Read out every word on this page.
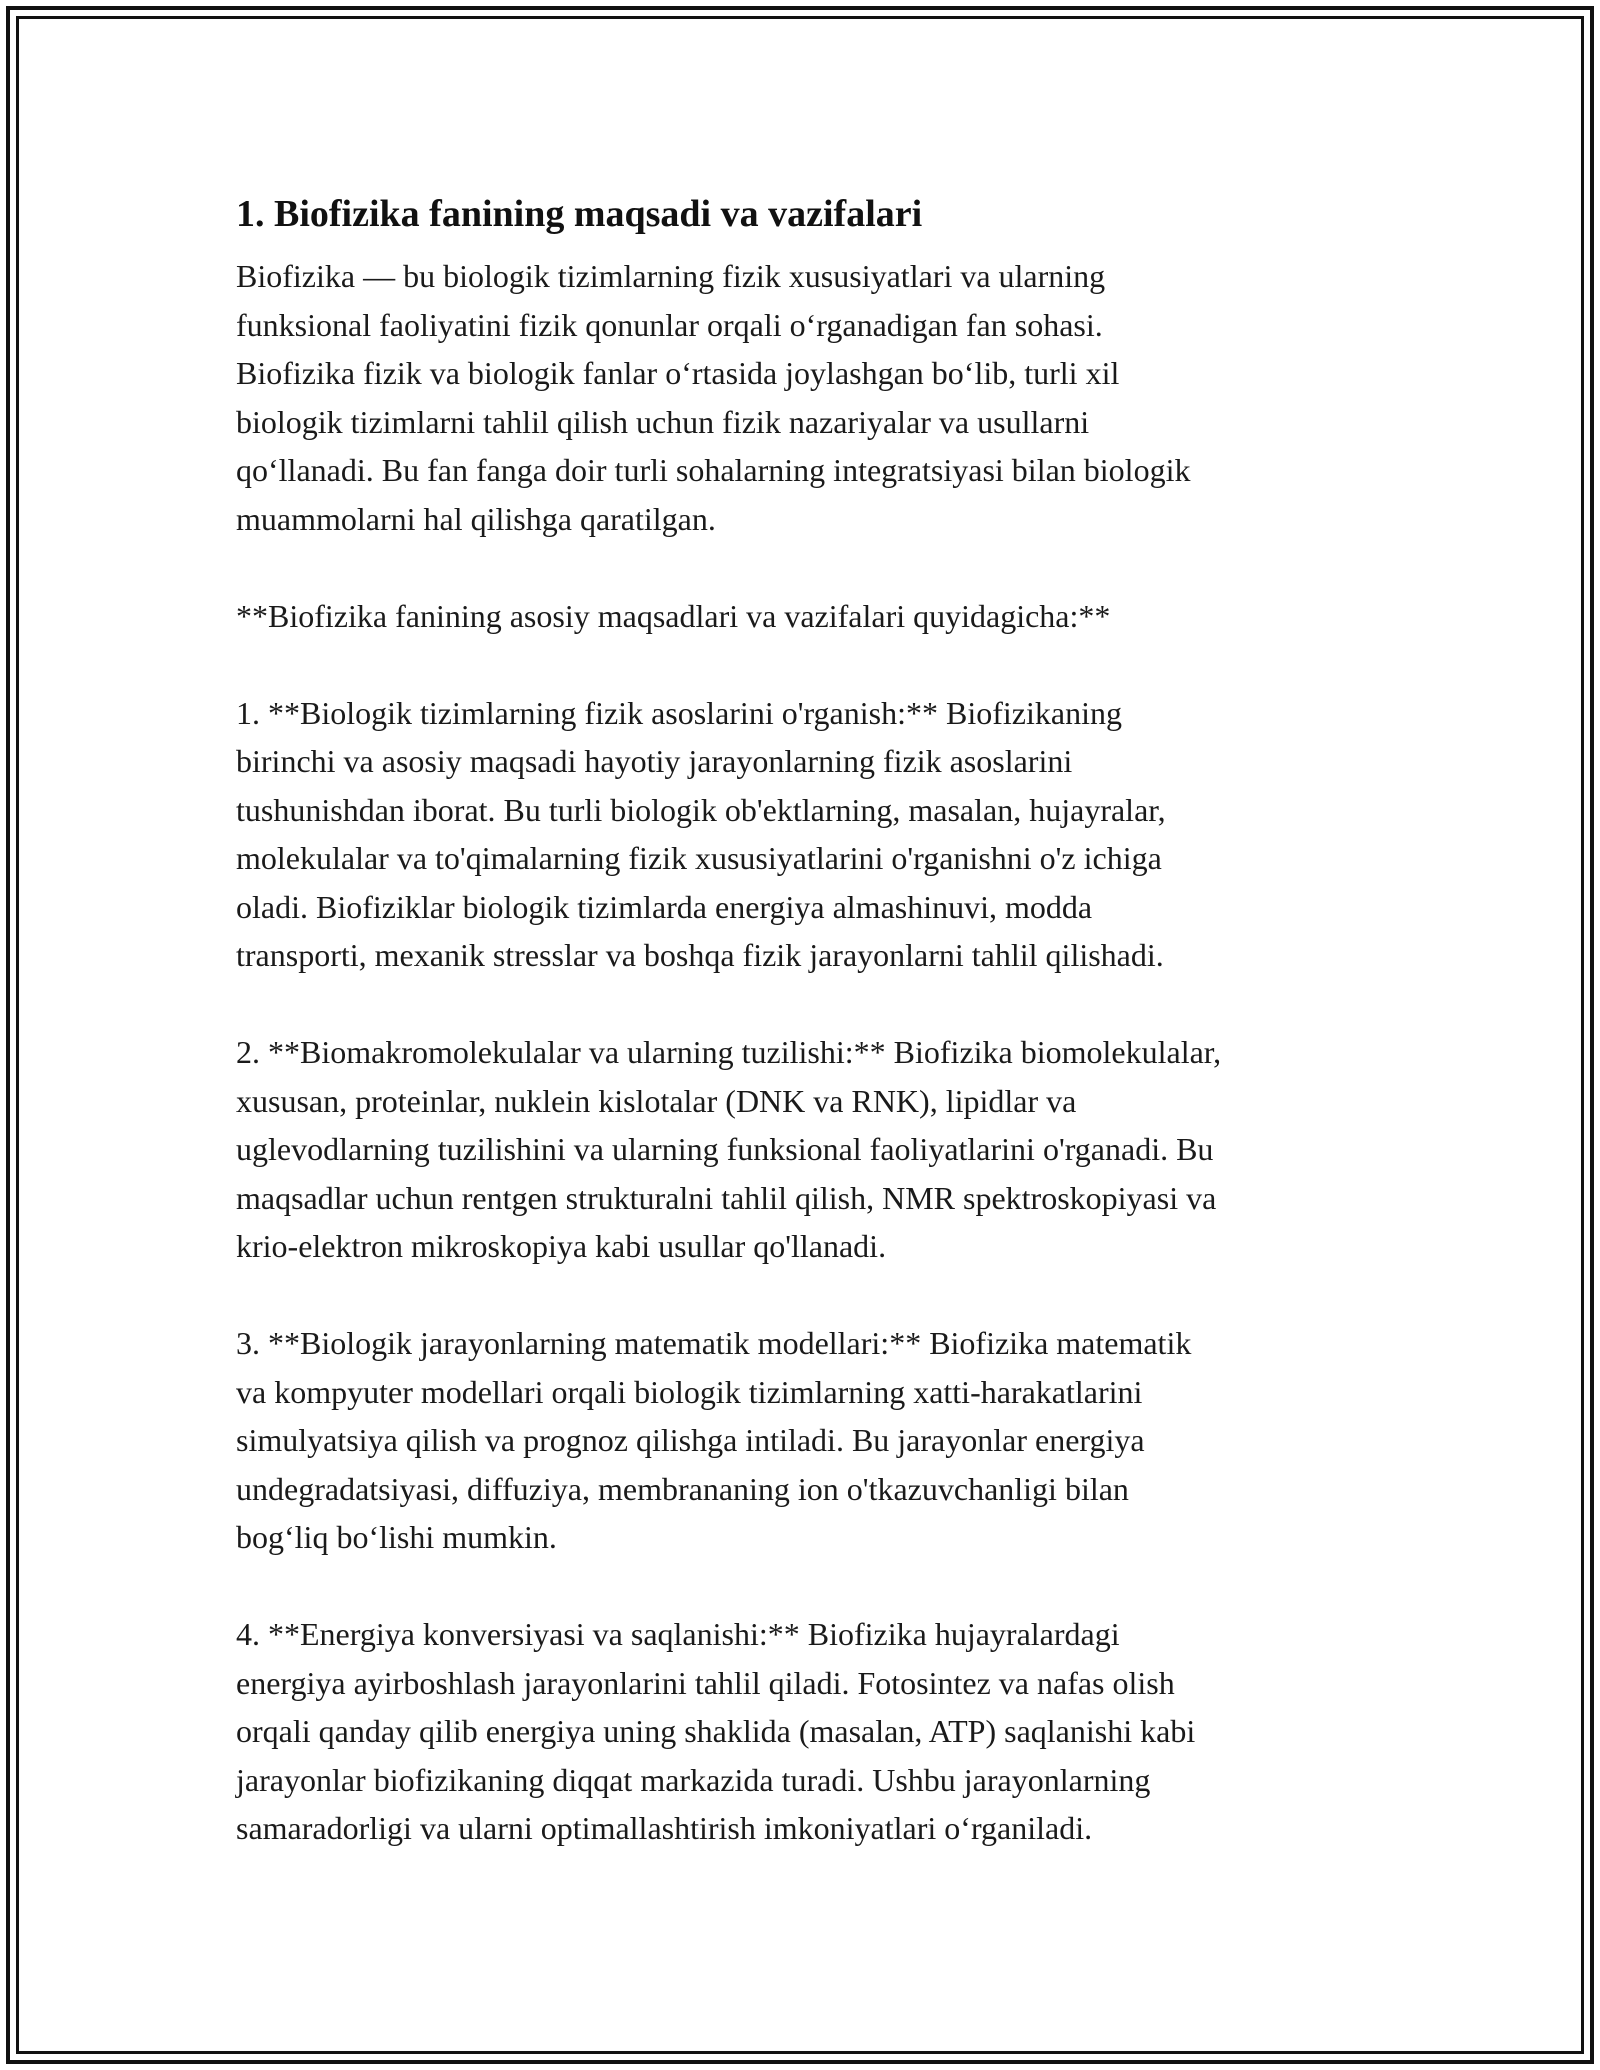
1. Biofizika fanining maqsadi va vazifalari

Biofizika — bu biologik tizimlarning fizik xususiyatlari va ularning
funksional faoliyatini fizik qonunlar orqali oʻrganadigan fan sohasi.
Biofizika fizik va biologik fanlar oʻrtasida joylashgan boʻlib, turli xil
biologik tizimlarni tahlil qilish uchun fizik nazariyalar va usullarni
qoʻllanadi. Bu fan fanga doir turli sohalarning integratsiyasi bilan biologik
muammolarni hal qilishga qaratilgan.

**Biofizika fanining asosiy maqsadlari va vazifalari quyidagicha:**

1. **Biologik tizimlarning fizik asoslarini o'rganish:** Biofizikaning
birinchi va asosiy maqsadi hayotiy jarayonlarning fizik asoslarini
tushunishdan iborat. Bu turli biologik ob'ektlarning, masalan, hujayralar,
molekulalar va to'qimalarning fizik xususiyatlarini o'rganishni o'z ichiga
oladi. Biofiziklar biologik tizimlarda energiya almashinuvi, modda
transporti, mexanik stresslar va boshqa fizik jarayonlarni tahlil qilishadi.

2. **Biomakromolekulalar va ularning tuzilishi:** Biofizika biomolekulalar,
xususan, proteinlar, nuklein kislotalar (DNK va RNK), lipidlar va
uglevodlarning tuzilishini va ularning funksional faoliyatlarini o'rganadi. Bu
maqsadlar uchun rentgen strukturalni tahlil qilish, NMR spektroskopiyasi va
krio-elektron mikroskopiya kabi usullar qo'llanadi.

3. **Biologik jarayonlarning matematik modellari:** Biofizika matematik
va kompyuter modellari orqali biologik tizimlarning xatti-harakatlarini
simulyatsiya qilish va prognoz qilishga intiladi. Bu jarayonlar energiya
undegradatsiyasi, diffuziya, membrananing ion o'tkazuvchanligi bilan
bogʻliq boʻlishi mumkin.

4. **Energiya konversiyasi va saqlanishi:** Biofizika hujayralardagi
energiya ayirboshlash jarayonlarini tahlil qiladi. Fotosintez va nafas olish
orqali qanday qilib energiya uning shaklida (masalan, ATP) saqlanishi kabi
jarayonlar biofizikaning diqqat markazida turadi. Ushbu jarayonlarning
samaradorligi va ularni optimallashtirish imkoniyatlari oʻrganiladi.
